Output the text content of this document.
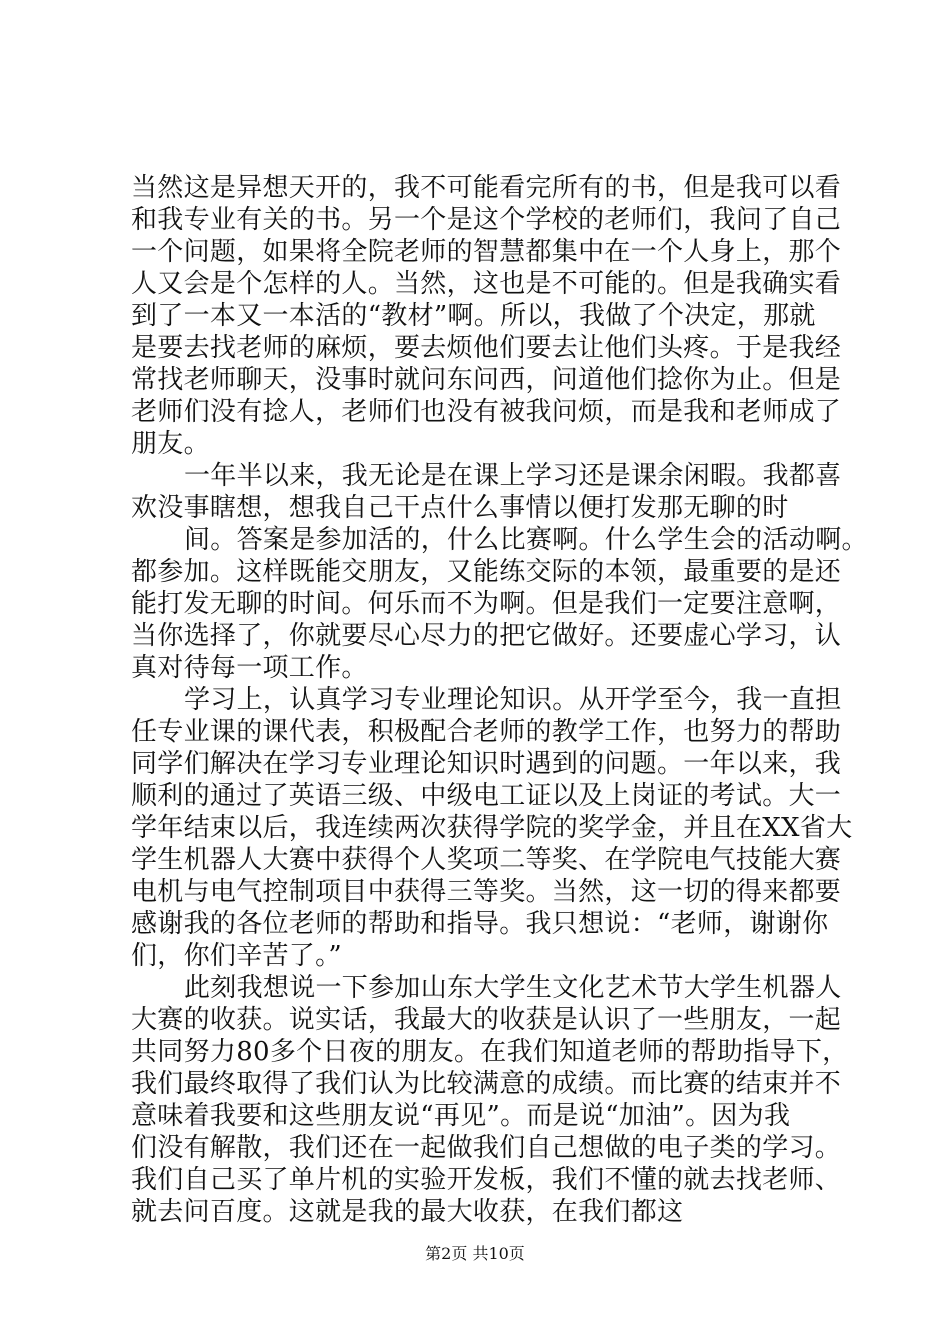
当然这是异想天开的，我不可能看完所有的书，但是我可以看
和我专业有关的书。另一个是这个学校的老师们，我问了自己
一个问题，如果将全院老师的智慧都集中在一个人身上，那个
人又会是个怎样的人。当然，这也是不可能的。但是我确实看
到了一本又一本活的“教材”啊。所以，我做了个决定，那就
是要去找老师的麻烦，要去烦他们要去让他们头疼。于是我经
常找老师聊天，没事时就问东问西，问道他们捻你为止。但是
老师们没有捻人，老师们也没有被我问烦，而是我和老师成了
朋友。
一年半以来，我无论是在课上学习还是课余闲暇。我都喜
欢没事瞎想，想我自己干点什么事情以便打发那无聊的时
间。答案是参加活的，什么比赛啊。什么学生会的活动啊。
都参加。这样既能交朋友，又能练交际的本领，最重要的是还
能打发无聊的时间。何乐而不为啊。但是我们一定要注意啊，
当你选择了，你就要尽心尽力的把它做好。还要虚心学习，认
真对待每一项工作。
学习上，认真学习专业理论知识。从开学至今，我一直担
任专业课的课代表，积极配合老师的教学工作，也努力的帮助
同学们解决在学习专业理论知识时遇到的问题。一年以来，我
顺利的通过了英语三级、中级电工证以及上岗证的考试。大一
学年结束以后，我连续两次获得学院的奖学金，并且在XX省大
学生机器人大赛中获得个人奖项二等奖、在学院电气技能大赛
电机与电气控制项目中获得三等奖。当然，这一切的得来都要
感谢我的各位老师的帮助和指导。我只想说：“老师，谢谢你
们，你们辛苦了。”
此刻我想说一下参加山东大学生文化艺术节大学生机器人
大赛的收获。说实话，我最大的收获是认识了一些朋友，一起
共同努力80多个日夜的朋友。在我们知道老师的帮助指导下，
我们最终取得了我们认为比较满意的成绩。而比赛的结束并不
意味着我要和这些朋友说“再见”。而是说“加油”。因为我
们没有解散，我们还在一起做我们自己想做的电子类的学习。
我们自己买了单片机的实验开发板，我们不懂的就去找老师、
就去问百度。这就是我的最大收获，在我们都这
第2页 共10页
